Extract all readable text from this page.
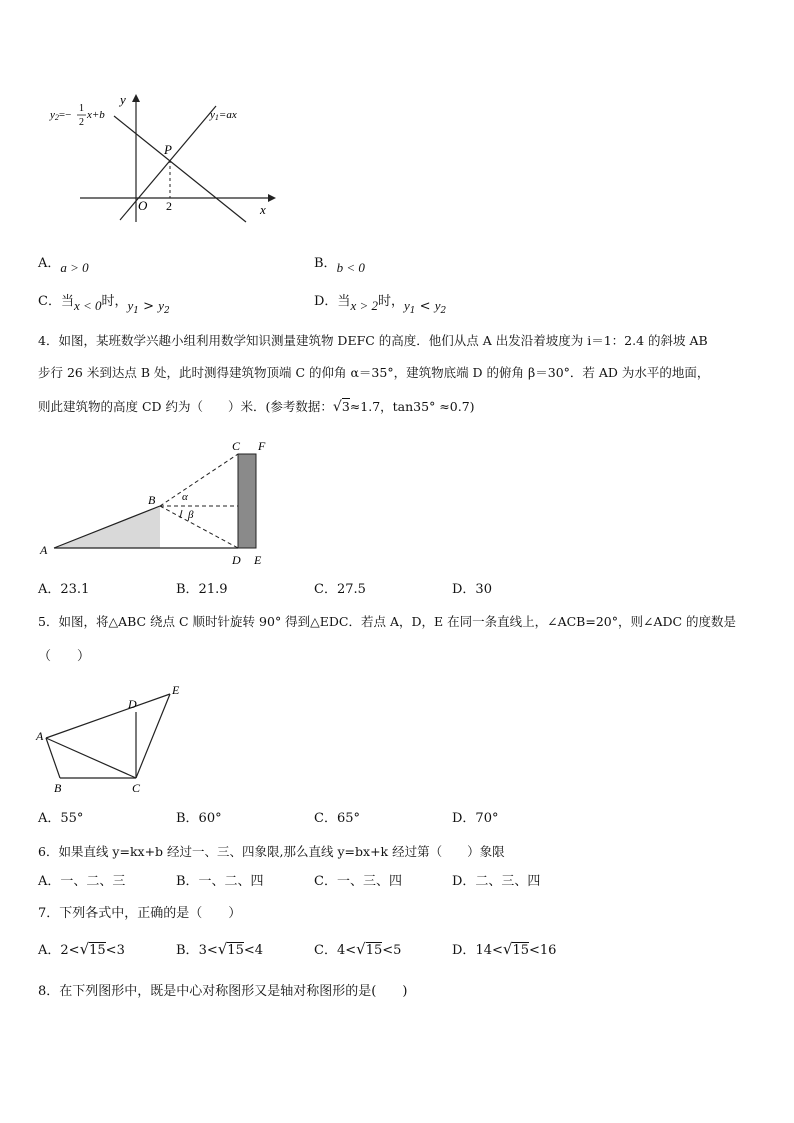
y
x
O 2
P
y1=ax
y2=−
1
2
x+b
A．a > 0	B．b < 0
C．当x < 0时，$y_1 > y_2$
D．当x > 2时，$y_1 < y_2$
4．如图，某班数学兴趣小组利用数学知识测量建筑物 DEFC 的高度．他们从点 A 出发沿着坡度为 i＝1：2.4 的斜坡 AB
步行 26 米到达点 B 处，此时测得建筑物顶端 C 的仰角 α＝35°，建筑物底端 D 的俯角 β＝30°．若 AD 为水平的地面，
则此建筑物的高度 CD 约为（　　）米．(参考数据：√3≈1.7，tan35° ≈0.7)
A
B
C F
D E
α
β
A．23.1	B．21.9	C．27.5	D．30
5．如图，将△ABC 绕点 C 顺时针旋转 90° 得到△EDC．若点 A，D，E 在同一条直线上，∠ACB=20°，则∠ADC 的度数是
（　　）
A
B	C
D
E
A．55°	B．60°	C．65°	D．70°
6．如果直线 y=kx+b 经过一、三、四象限,那么直线 y=bx+k 经过第（　　）象限
A．一、二、三	B．一、二、四	C．一、三、四	D．二、三、四
7．下列各式中，正确的是（　　）
A．2<√15<3	B．3<√15<4	C．4<√15<5	D．14<√15<16
8．在下列图形中，既是中心对称图形又是轴对称图形的是(　　)
